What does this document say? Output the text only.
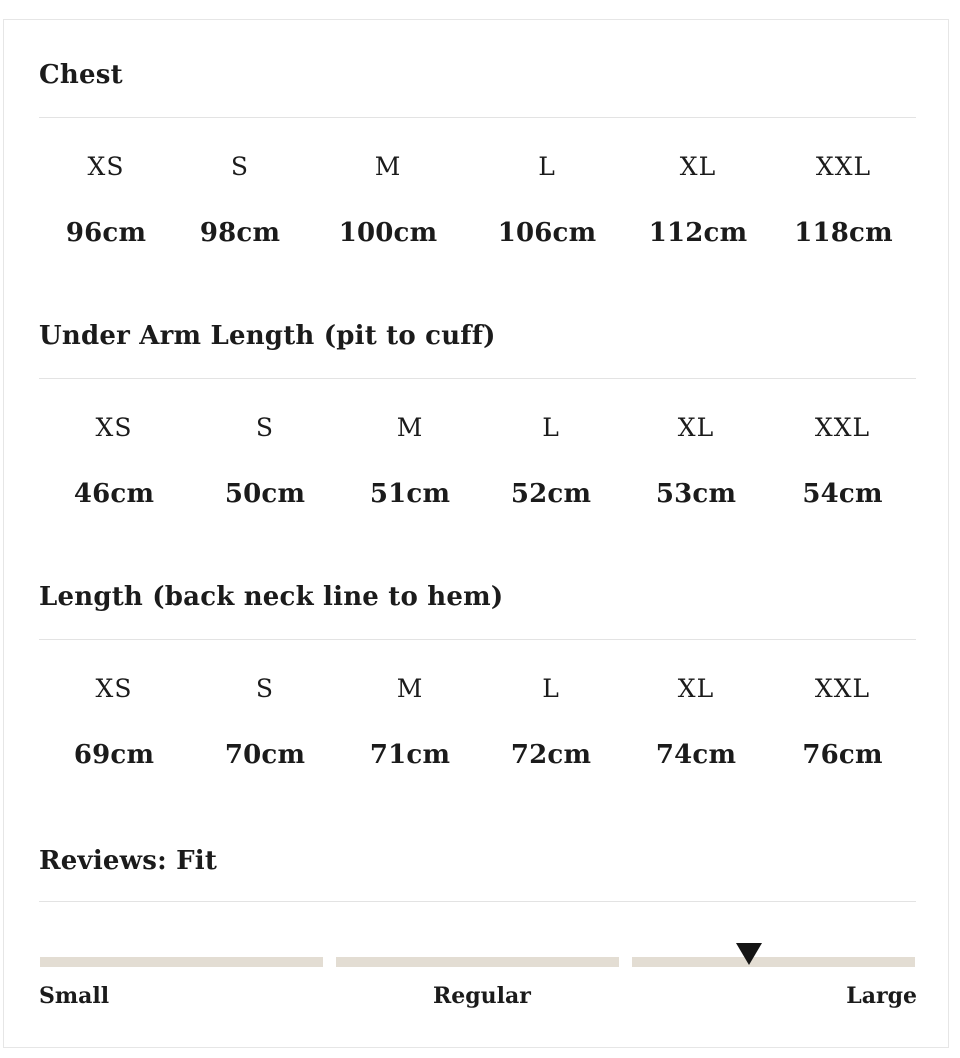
Chest
XS
96cm
S
98cm
M
100cm
L
106cm
XL
112cm
XXL
118cm
Under Arm Length (pit to cuff)
XS
46cm
S
50cm
M
51cm
L
52cm
XL
53cm
XXL
54cm
Length (back neck line to hem)
XS
69cm
S
70cm
M
71cm
L
72cm
XL
74cm
XXL
76cm
Reviews: Fit
Small	Regular	Large
